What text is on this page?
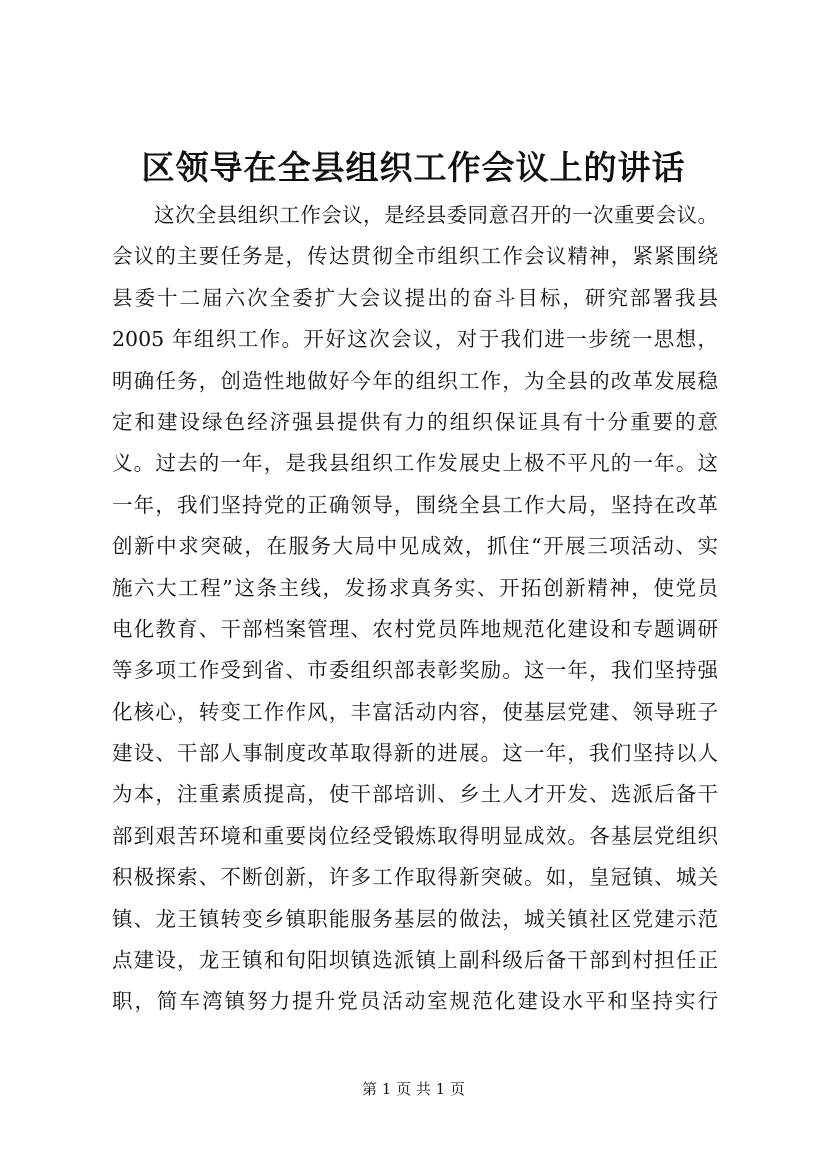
区领导在全县组织工作会议上的讲话
这次全县组织工作会议，是经县委同意召开的一次重要会议。
会议的主要任务是，传达贯彻全市组织工作会议精神，紧紧围绕
县委十二届六次全委扩大会议提出的奋斗目标，研究部署我县
2005 年组织工作。开好这次会议，对于我们进一步统一思想，
明确任务，创造性地做好今年的组织工作，为全县的改革发展稳
定和建设绿色经济强县提供有力的组织保证具有十分重要的意
义。过去的一年，是我县组织工作发展史上极不平凡的一年。这
一年，我们坚持党的正确领导，围绕全县工作大局，坚持在改革
创新中求突破，在服务大局中见成效，抓住“开展三项活动、实
施六大工程”这条主线，发扬求真务实、开拓创新精神，使党员
电化教育、干部档案管理、农村党员阵地规范化建设和专题调研
等多项工作受到省、市委组织部表彰奖励。这一年，我们坚持强
化核心，转变工作作风，丰富活动内容，使基层党建、领导班子
建设、干部人事制度改革取得新的进展。这一年，我们坚持以人
为本，注重素质提高，使干部培训、乡土人才开发、选派后备干
部到艰苦环境和重要岗位经受锻炼取得明显成效。各基层党组织
积极探索、不断创新，许多工作取得新突破。如，皇冠镇、城关
镇、龙王镇转变乡镇职能服务基层的做法，城关镇社区党建示范
点建设，龙王镇和旬阳坝镇选派镇上副科级后备干部到村担任正
职，简车湾镇努力提升党员活动室规范化建设水平和坚持实行
第 1 页 共 1 页
